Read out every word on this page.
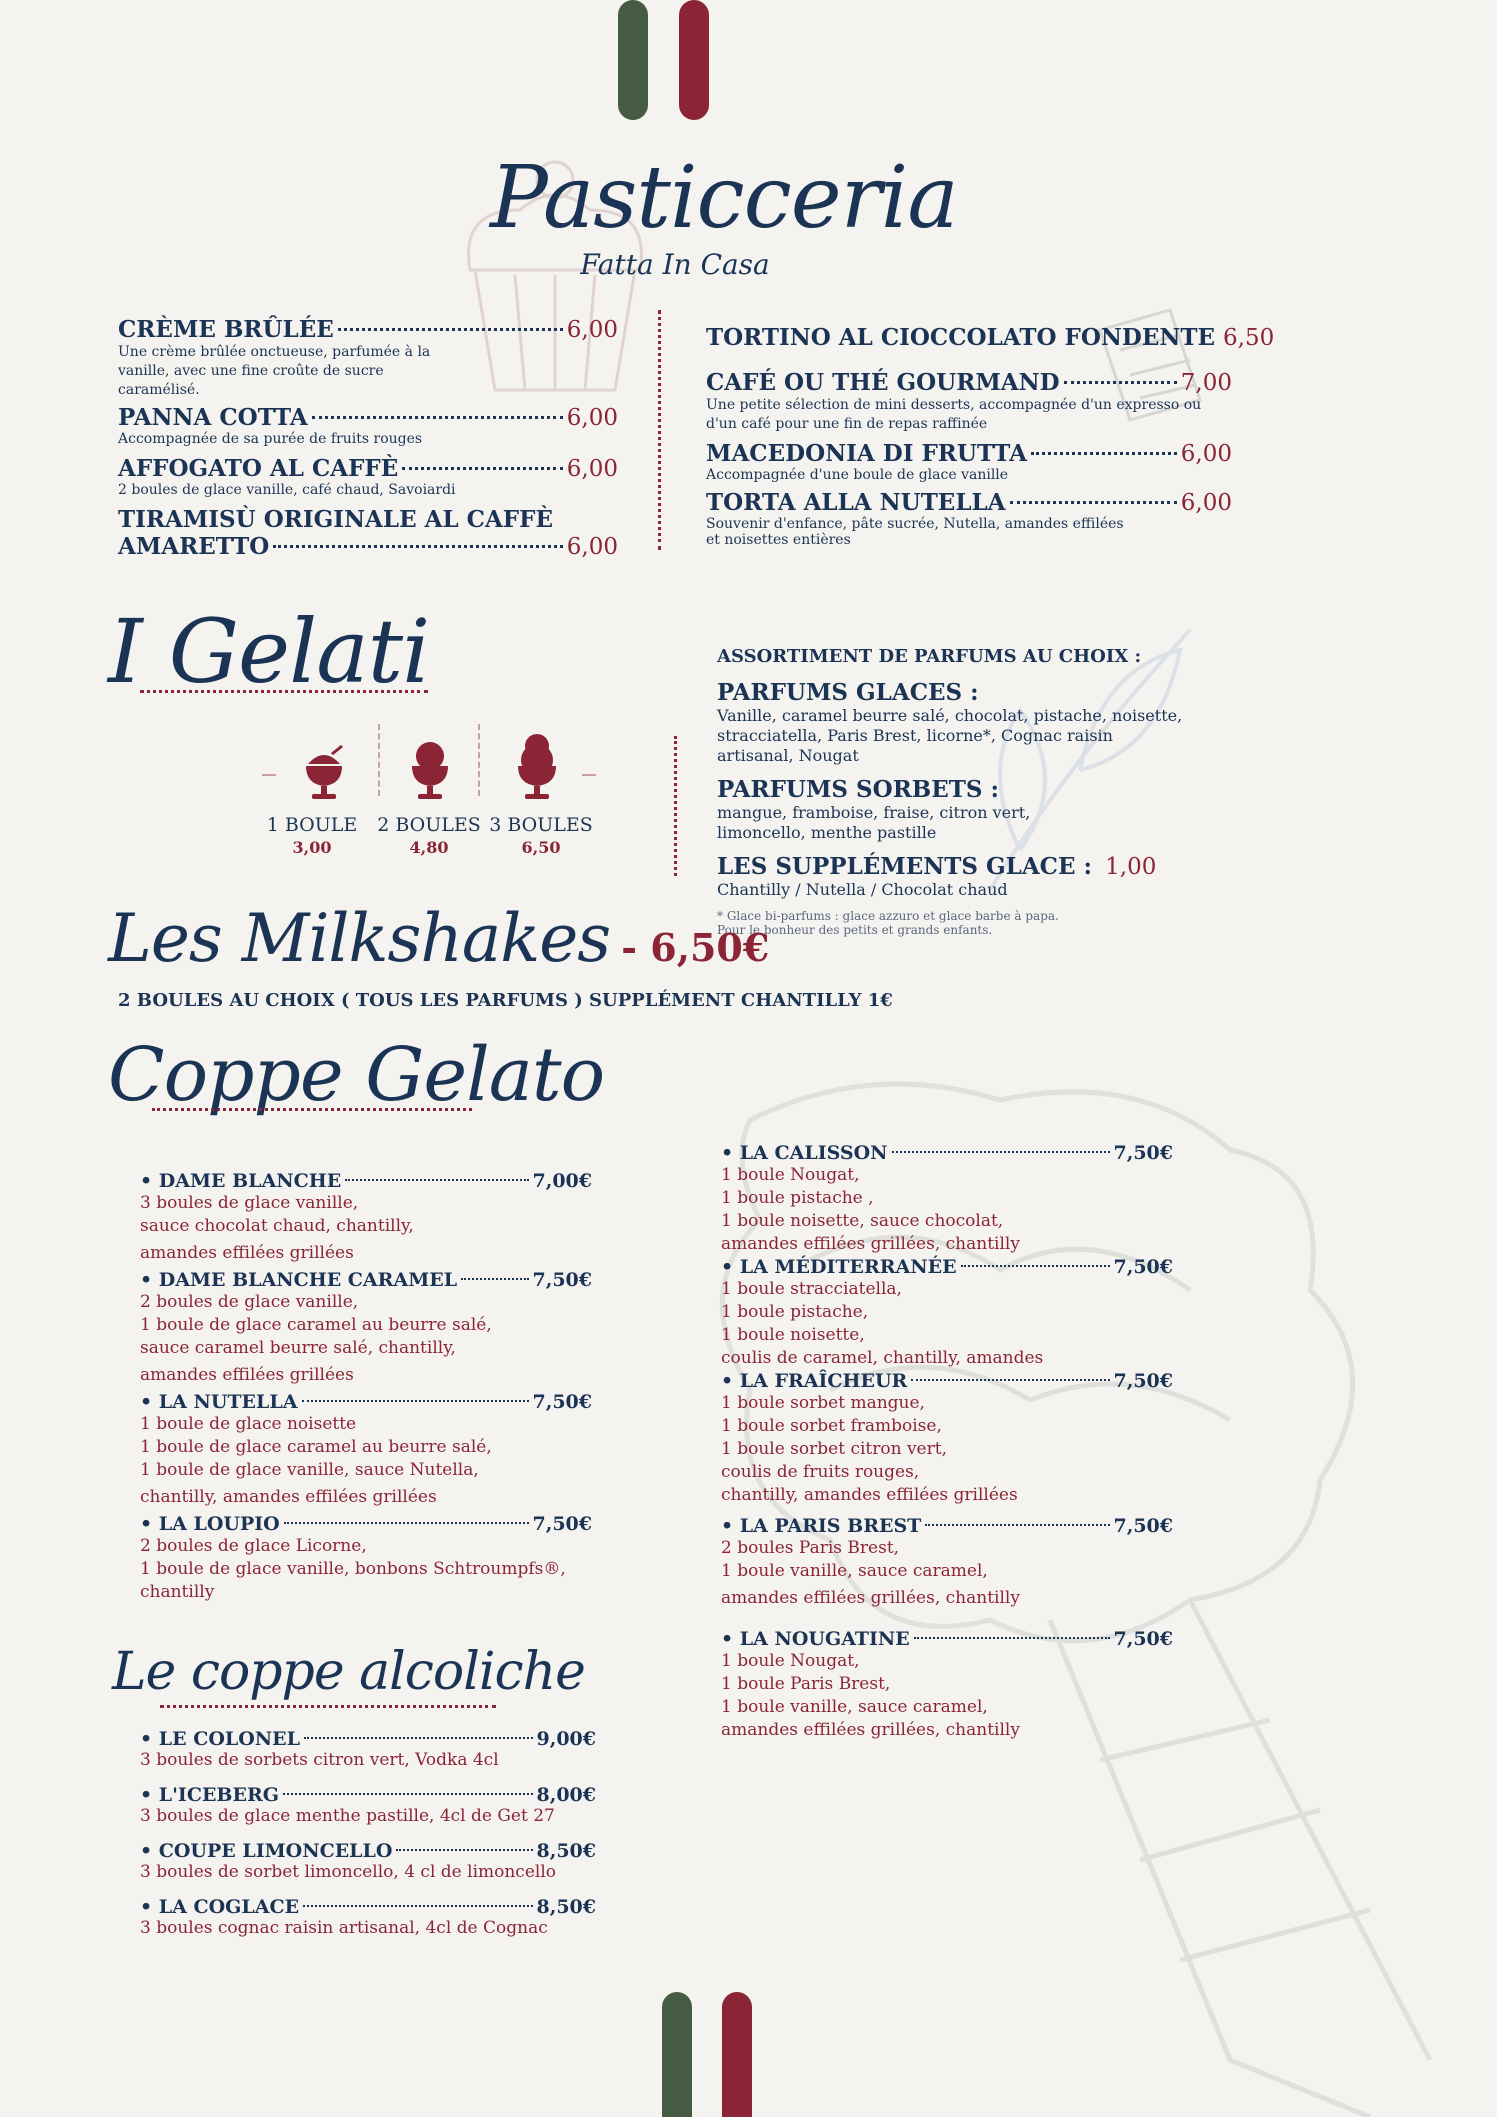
Pasticceria
Fatta In Casa
CRÈME BRÛLÉE	6,00
Une crème brûlée onctueuse, parfumée à la vanille, avec une fine croûte de sucre caramélisé.
PANNA COTTA	6,00
Accompagnée de sa purée de fruits rouges
AFFOGATO AL CAFFÈ	6,00
2 boules de glace vanille, café chaud, Savoiardi
TIRAMISÙ ORIGINALE AL CAFFÈ
AMARETTO	6,00
TORTINO AL CIOCCOLATO FONDENTE 6,50
CAFÉ OU THÉ GOURMAND	7,00
Une petite sélection de mini desserts, accompagnée d'un expresso ou d'un café pour une fin de repas raffinée
MACEDONIA DI FRUTTA	6,00
Accompagnée d'une boule de glace vanille
TORTA ALLA NUTELLA	6,00
Souvenir d'enfance, pâte sucrée, Nutella, amandes effilées
et noisettes entières
I Gelati
1 BOULE
3,00
2 BOULES
4,80
3 BOULES
6,50
ASSORTIMENT DE PARFUMS AU CHOIX :
PARFUMS GLACES :
Vanille, caramel beurre salé, chocolat, pistache, noisette, stracciatella, Paris Brest, licorne*, Cognac raisin artisanal, Nougat
PARFUMS SORBETS :
mangue, framboise, fraise, citron vert, limoncello, menthe pastille
LES SUPPLÉMENTS GLACE : 1,00
Chantilly / Nutella / Chocolat chaud
* Glace bi-parfums : glace azzuro et glace barbe à papa.
Pour le bonheur des petits et grands enfants.
Les Milkshakes - 6,50€
2 BOULES AU CHOIX ( TOUS LES PARFUMS ) SUPPLÉMENT CHANTILLY 1€
Coppe Gelato
• DAME BLANCHE	7,00€
3 boules de glace vanille,
sauce chocolat chaud, chantilly,
amandes effilées grillées
• DAME BLANCHE CARAMEL	7,50€
2 boules de glace vanille,
1 boule de glace caramel au beurre salé,
sauce caramel beurre salé, chantilly,
amandes effilées grillées
• LA NUTELLA	7,50€
1 boule de glace noisette
1 boule de glace caramel au beurre salé,
1 boule de glace vanille, sauce Nutella,
chantilly, amandes effilées grillées
• LA LOUPIO	7,50€
2 boules de glace Licorne,
1 boule de glace vanille, bonbons Schtroumpfs®,
chantilly
• LA CALISSON	7,50€
1 boule Nougat,
1 boule pistache ,
1 boule noisette, sauce chocolat,
amandes effilées grillées, chantilly
• LA MÉDITERRANÉE	7,50€
1 boule stracciatella,
1 boule pistache,
1 boule noisette,
coulis de caramel, chantilly, amandes
• LA FRAÎCHEUR	7,50€
1 boule sorbet mangue,
1 boule sorbet framboise,
1 boule sorbet citron vert,
coulis de fruits rouges,
chantilly, amandes effilées grillées
• LA PARIS BREST	7,50€
2 boules Paris Brest,
1 boule vanille, sauce caramel,
amandes effilées grillées, chantilly
• LA NOUGATINE	7,50€
1 boule Nougat,
1 boule Paris Brest,
1 boule vanille, sauce caramel,
amandes effilées grillées, chantilly
Le coppe alcoliche
• LE COLONEL	9,00€
3 boules de sorbets citron vert, Vodka 4cl
• L'ICEBERG	8,00€
3 boules de glace menthe pastille, 4cl de Get 27
• COUPE LIMONCELLO	8,50€
3 boules de sorbet limoncello, 4 cl de limoncello
• LA COGLACE	8,50€
3 boules cognac raisin artisanal, 4cl de Cognac
